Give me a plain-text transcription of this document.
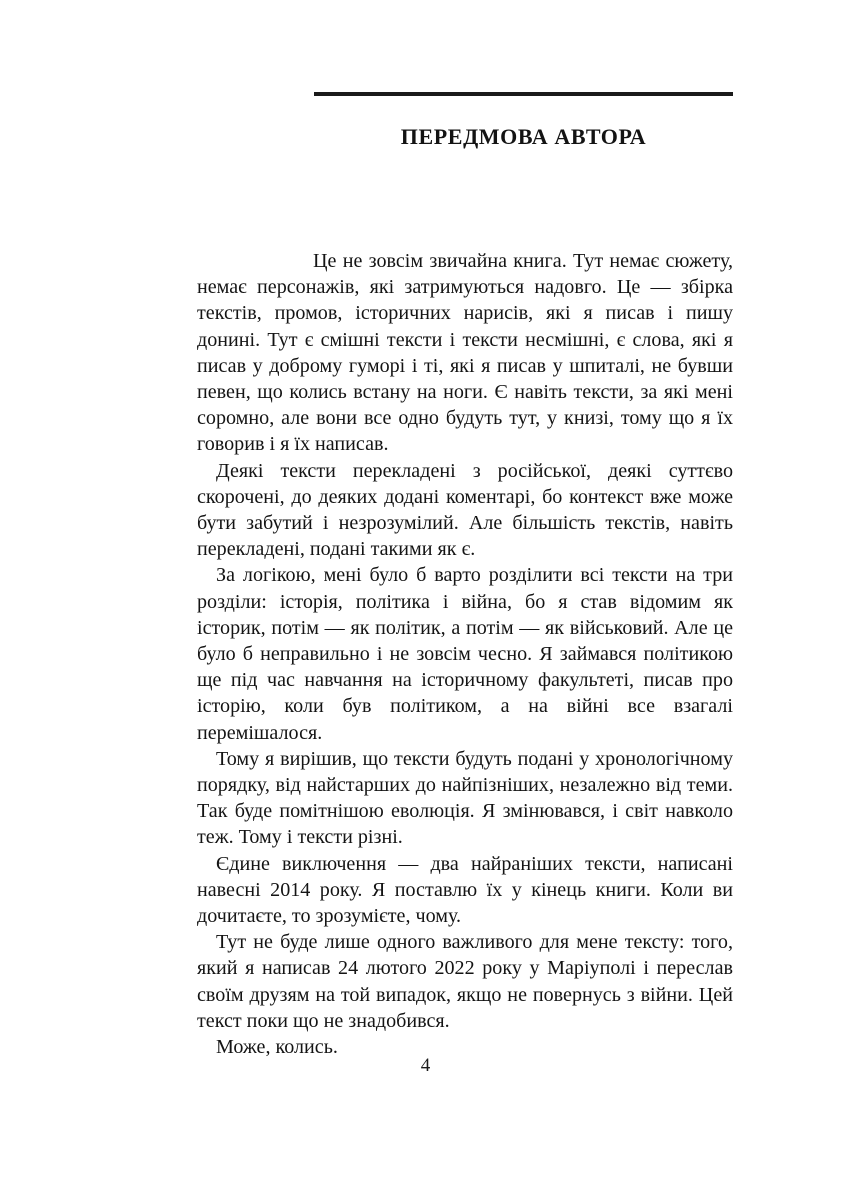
ПЕРЕДМОВА АВТОРА

Це не зовсім звичайна книга. Тут немає сюжету, немає персонажів, які затримуються надовго. Це — збірка текстів, промов, історичних нарисів, які я писав і пишу донині. Тут є смішні тексти і тексти несмішні, є слова, які я писав у доброму гуморі і ті, які я писав у шпиталі, не бувши певен, що колись встану на ноги. Є навіть тексти, за які мені соромно, але вони все одно будуть тут, у книзі, тому що я їх говорив і я їх написав.

Деякі тексти перекладені з російської, деякі суттєво скорочені, до деяких додані коментарі, бо контекст вже може бути забутий і незрозумілий. Але більшість текстів, навіть перекладені, подані такими як є.

За логікою, мені було б варто розділити всі тексти на три розділи: історія, політика і війна, бо я став відомим як історик, потім — як політик, а потім — як військовий. Але це було б неправильно і не зовсім чесно. Я займався політикою ще під час навчання на історичному факультеті, писав про історію, коли був політиком, а на війні все взагалі перемішалося.

Тому я вирішив, що тексти будуть подані у хронологічному порядку, від найстарших до найпізніших, незалежно від теми. Так буде помітнішою еволюція. Я змінювався, і світ навколо теж. Тому і тексти різні.

Єдине виключення — два найраніших тексти, написані навесні 2014 року. Я поставлю їх у кінець книги. Коли ви дочитаєте, то зрозумієте, чому.

Тут не буде лише одного важливого для мене тексту: того, який я написав 24 лютого 2022 року у Маріуполі і переслав своїм друзям на той випадок, якщо не повернусь з війни. Цей текст поки що не знадобився.

Може, колись.

4
